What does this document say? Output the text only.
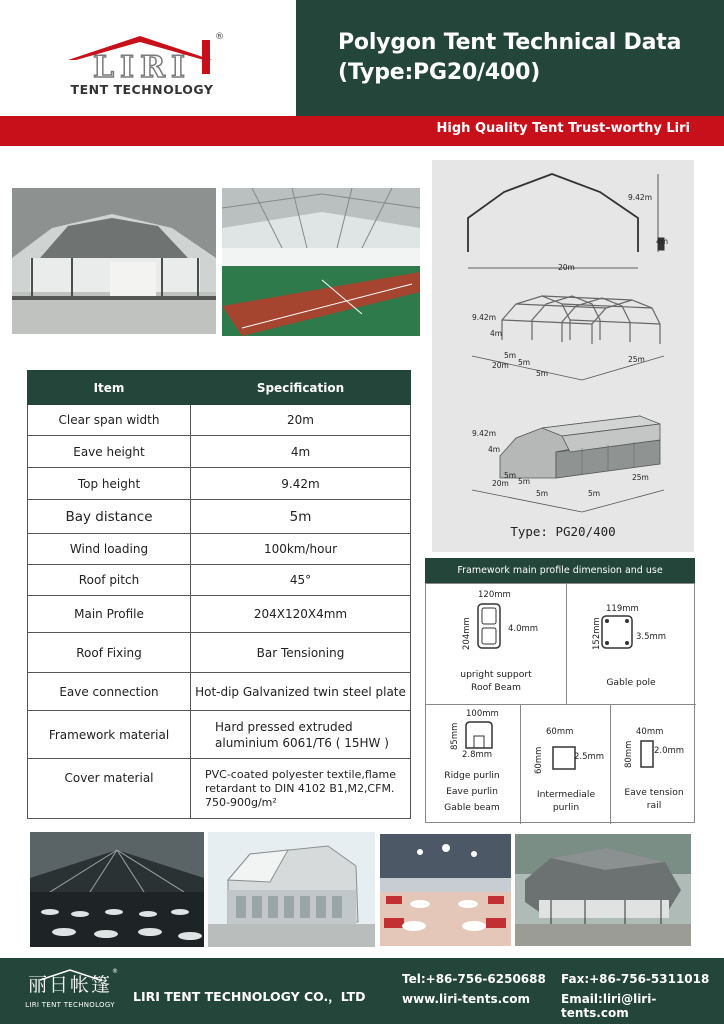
LIRI
®
TENT TECHNOLOGY
Polygon Tent Technical Data
(Type:PG20/400)
High Quality Tent Trust-worthy Liri
9.42m
4m
20m
9.42m
4m
5m
5m
5m
20m
25m
9.42m
4m
5m
5m
5m	5m
20m
25m
Type: PG20/400
Item	Specification
Clear span width	20m
Eave height	4m
Top height	9.42m
Bay distance	5m
Wind loading	100km/hour
Roof pitch	45°
Main Profile	204X120X4mm
Roof Fixing	Bar Tensioning
Eave connection	Hot-dip Galvanized twin steel plate
Framework material	Hard pressed extruded
aluminium 6061/T6 ( 15HW )
Cover material	PVC-coated polyester textile,flame
retardant to DIN 4102 B1,M2,CFM.
750-900g/m²
Framework main profile dimension and use
120mm
204mm	4.0mm
upright support
Roof Beam
119mm
152mm	3.5mm
Gable pole
100mm
85mm
2.8mm
Ridge purlin
Eave purlin
Gable beam
60mm
60mm	2.5mm
Intermediale
purlin
40mm
80mm 2.0mm
Eave tension
rail
丽日帐篷
LIRI TENT TECHNOLOGY
®
LIRI TENT TECHNOLOGY CO.，LTD
Tel:+86-756-6250688 Fax:+86-756-5311018
www.liri-tents.com	Email:liri@liri-tents.com
